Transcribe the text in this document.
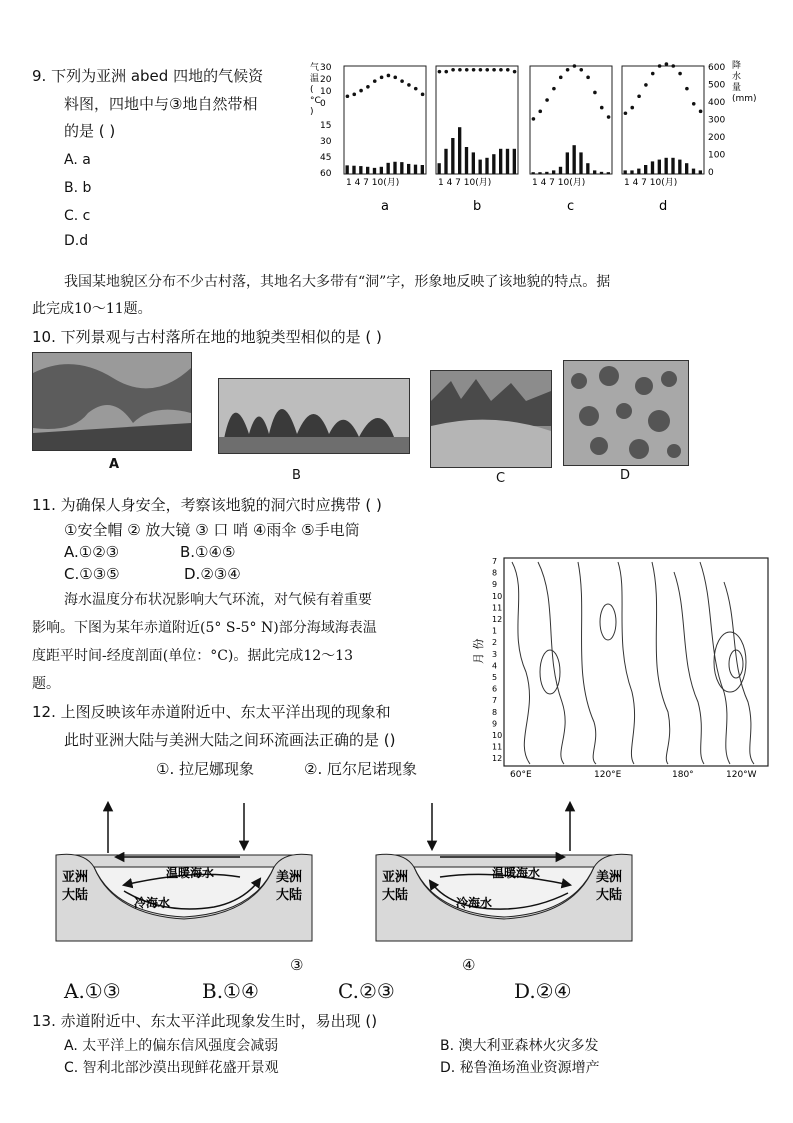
9. 下列为亚洲 abed 四地的气候资
料图，四地中与③地自然带相
的是 ( )
A. a
B. b
C. c
D.d
气
温
(
°C
)
30
20
10
0
15
30
45
60
降
水
量
(mm)
600
500
400
300
200
100
0
1 4 7 10(月)
a
1 4 7 10(月)
b
1 4 7 10(月)
c
1 4 7 10(月)
d
我国某地貌区分布不少古村落，其地名大多带有“洞”字，形象地反映了该地貌的特点。据
此完成10～11题。
10. 下列景观与古村落所在地的地貌类型相似的是 ( )
A
B	C	D
11. 为确保人身安全，考察该地貌的洞穴时应携带 ( )
①安全帽 ② 放大镜 ③ 口 哨 ④雨伞 ⑤手电筒
A.①②③	B.①④⑤
C.①③⑤	D.②③④
海水温度分布状况影响大气环流，对气候有着重要
影响。下图为某年赤道附近(5° S-5° N)部分海域海表温
度距平时间-经度剖面(单位：°C)。据此完成12～13
题。
7
8
9
10
11
12
1
2
3
4
5
6
7
8
9
10
11
12
60°E	120°E	180°	120°W
月 份
12. 上图反映该年赤道附近中、东太平洋出现的现象和
此时亚洲大陆与美洲大陆之间环流画法正确的是 ()
①. 拉尼娜现象	②. 厄尔尼诺现象
亚洲
大陆
美洲
大陆
温暖海水
冷海水
③
亚洲
大陆
美洲
大陆
温暖海水
冷海水
④
A.①③	B.①④	C.②③	D.②④
13. 赤道附近中、东太平洋此现象发生时，易出现 ()
A. 太平洋上的偏东信风强度会减弱	B. 澳大利亚森林火灾多发
C. 智利北部沙漠出现鲜花盛开景观	D. 秘鲁渔场渔业资源增产
